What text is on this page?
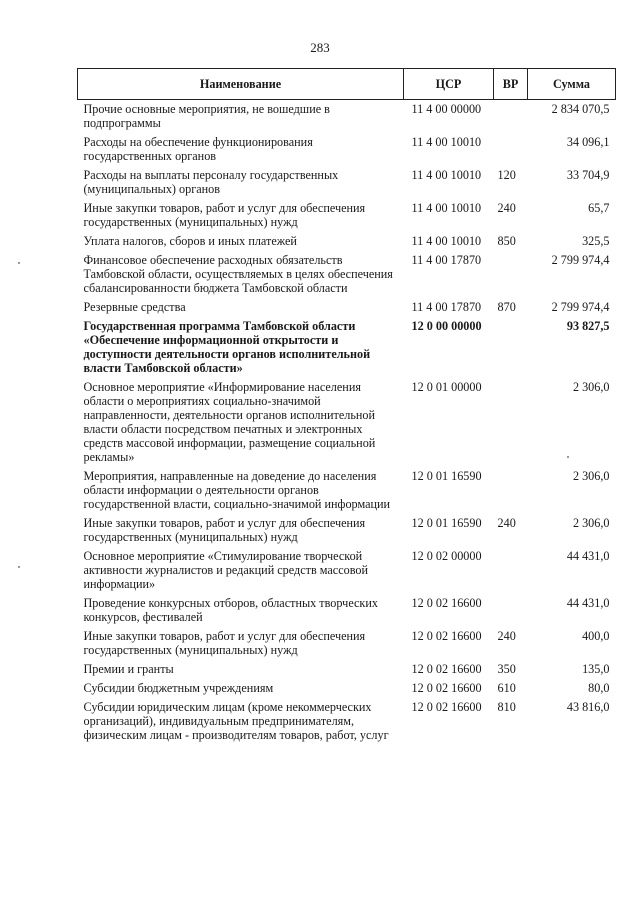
283
Наименование	ЦСР	ВР	Сумма
Прочие основные мероприятия, не вошедшие в подпрограммы	11 4 00 00000		2 834 070,5
Расходы на обеспечение функционирования государственных органов	11 4 00 10010		34 096,1
Расходы на выплаты персоналу государственных (муниципальных) органов	11 4 00 10010	120	33 704,9
Иные закупки товаров, работ и услуг для обеспечения государственных (муниципальных) нужд	11 4 00 10010	240	65,7
Уплата налогов, сборов и иных платежей	11 4 00 10010	850	325,5
Финансовое обеспечение расходных обязательств Тамбовской области, осуществляемых в целях обеспечения сбалансированности бюджета Тамбовской области	11 4 00 17870		2 799 974,4
Резервные средства	11 4 00 17870	870	2 799 974,4
Государственная программа Тамбовской области «Обеспечение информационной открытости и доступности деятельности органов исполнительной власти Тамбовской области»	12 0 00 00000		93 827,5
Основное мероприятие «Информирование населения области о мероприятиях социально-значимой направленности, деятельности органов исполнительной власти области посредством печатных и электронных средств массовой информации, размещение социальной рекламы»	12 0 01 00000		2 306,0
Мероприятия, направленные на доведение до населения области информации о деятельности органов государственной власти, социально-значимой информации	12 0 01 16590		2 306,0
Иные закупки товаров, работ и услуг для обеспечения государственных (муниципальных) нужд	12 0 01 16590	240	2 306,0
Основное мероприятие «Стимулирование творческой активности журналистов и редакций средств массовой информации»	12 0 02 00000		44 431,0
Проведение конкурсных отборов, областных творческих конкурсов, фестивалей	12 0 02 16600		44 431,0
Иные закупки товаров, работ и услуг для обеспечения государственных (муниципальных) нужд	12 0 02 16600	240	400,0
Премии и гранты	12 0 02 16600	350	135,0
Субсидии бюджетным учреждениям	12 0 02 16600	610	80,0
Субсидии юридическим лицам (кроме некоммерческих организаций), индивидуальным предпринимателям, физическим лицам - производителям товаров, работ, услуг	12 0 02 16600	810	43 816,0
